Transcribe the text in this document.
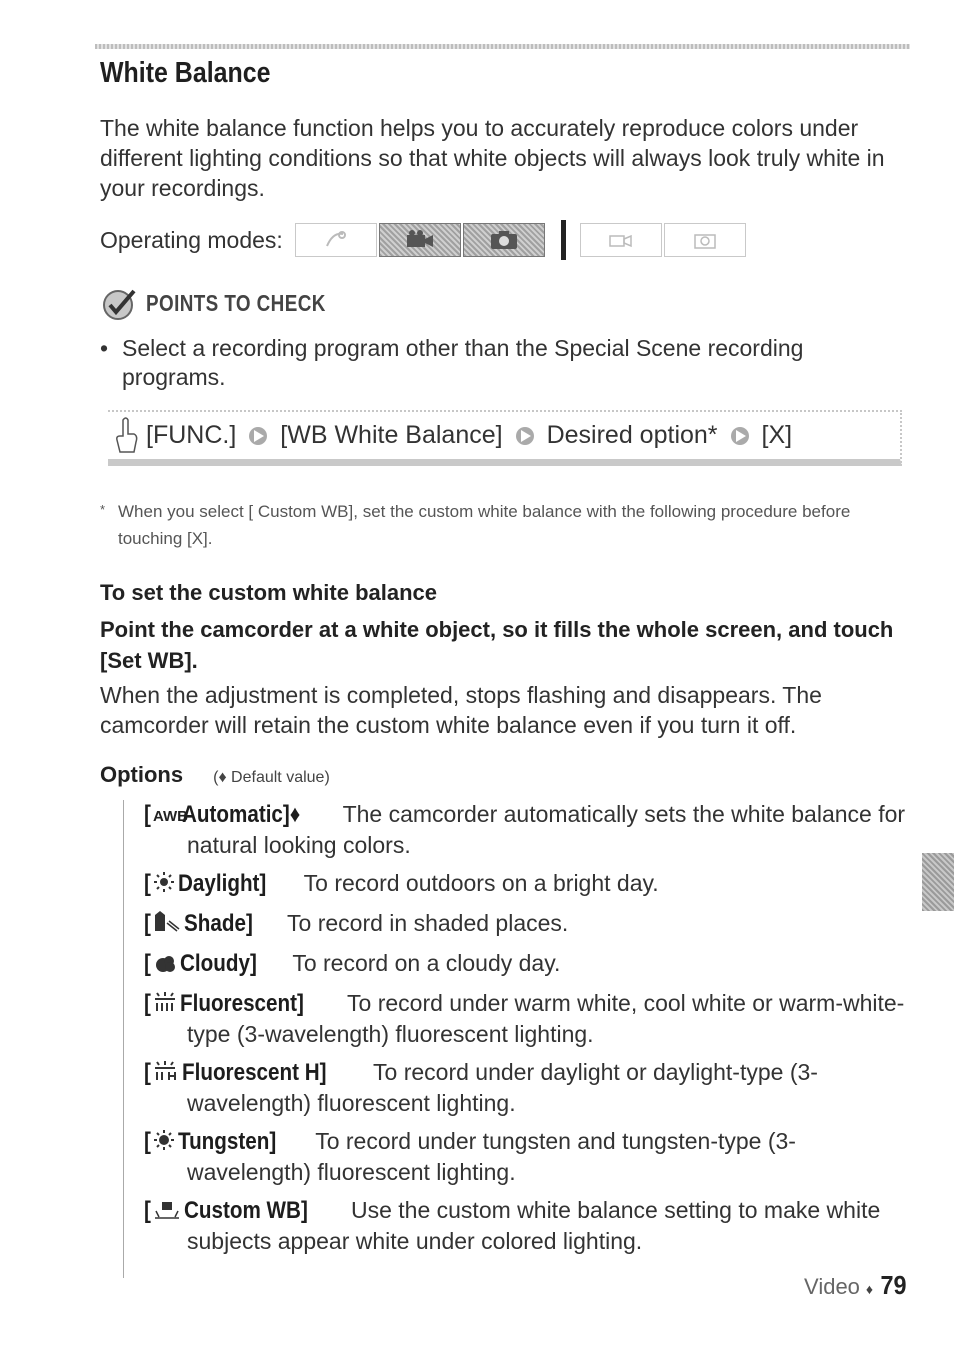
White Balance

The white balance function helps you to accurately reproduce colors under different lighting conditions so that white objects will always look truly white in your recordings.

Operating modes:
POINTS TO CHECK

• Select a recording program other than the Special Scene recording programs.

[FUNC.] [WB White Balance] Desired option* [X]

* When you select [ Custom WB], set the custom white balance with the following procedure before touching [X].

To set the custom white balance

Point the camcorder at a white object, so it fills the whole screen, and touch [Set WB].

When the adjustment is completed, stops flashing and disappears. The camcorder will retain the custom white balance even if you turn it off.

Options (♦ Default value)

[ AWB
Automatic]♦   The camcorder automatically sets the white balance for natural looking colors.

[ Daylight]   To record outdoors on a bright day.

[ Shade]   To record in shaded places.

[ Cloudy]   To record on a cloudy day.

[ Fluorescent]   To record under warm white, cool white or warm-white-type (3-wavelength) fluorescent lighting.

[ Fluorescent H]   To record under daylight or daylight-type (3-wavelength) fluorescent lighting.

[ Tungsten]   To record under tungsten and tungsten-type (3-wavelength) fluorescent lighting.

[ Custom WB]   Use the custom white balance setting to make white subjects appear white under colored lighting.

Video ♦ 79
